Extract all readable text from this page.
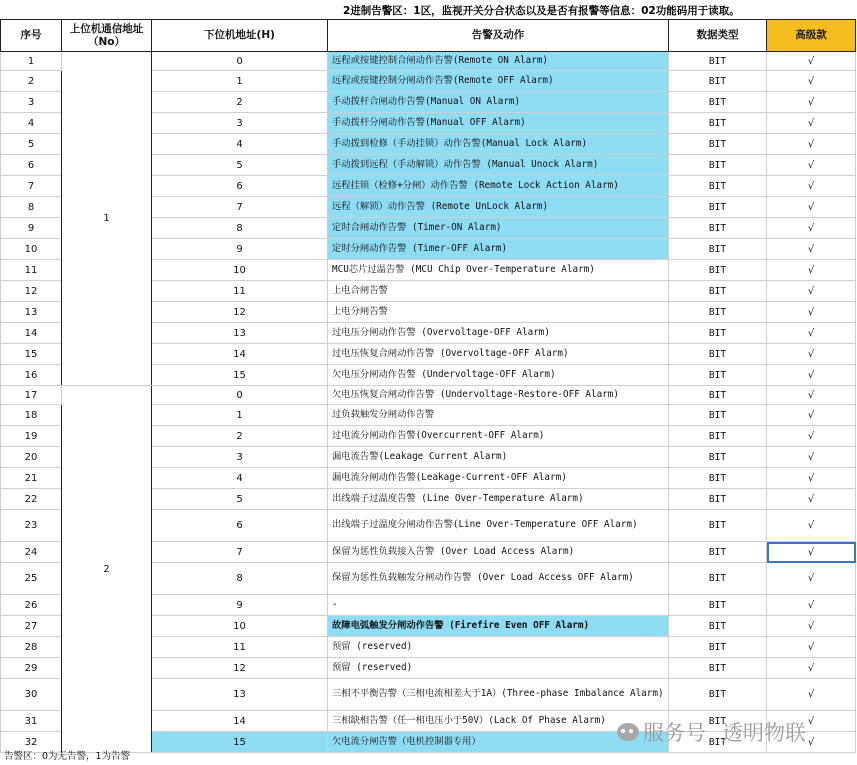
2进制告警区：1区，监视开关分合状态以及是否有报警等信息：02功能码用于读取。
序号	上位机通信地址（No）	下位机地址(H)	告警及动作	数据类型	高级款
1	1	0	远程或按键控制合闸动作告警(Remote ON Alarm)	BIT	√
2		1	远程或按键控制分闸动作告警(Remote OFF Alarm)	BIT	√
3		2	手动拨杆合闸动作告警(Manual ON Alarm)	BIT	√
4		3	手动拨杆分闸动作告警(Manual OFF Alarm)	BIT	√
5		4	手动拨到检修（手动挂锁）动作告警(Manual Lock Alarm)	BIT	√
6		5	手动拨到远程（手动解锁）动作告警 (Manual Unock Alarm)	BIT	√
7		6	远程挂锁（检修+分闸）动作告警 (Remote Lock Action Alarm)	BIT	√
8		7	远程（解锁）动作告警 (Remote UnLock Alarm)	BIT	√
9		8	定时合闸动作告警 (Timer-ON Alarm)	BIT	√
10		9	定时分闸动作告警 (Timer-OFF Alarm)	BIT	√
11		10	MCU芯片过温告警 (MCU Chip Over-Temperature Alarm)	BIT	√
12		11	上电合闸告警	BIT	√
13		12	上电分闸告警	BIT	√
14		13	过电压分闸动作告警 (Overvoltage-OFF Alarm)	BIT	√
15		14	过电压恢复合闸动作告警 (Overvoltage-OFF Alarm)	BIT	√
16		15	欠电压分闸动作告警 (Undervoltage-OFF Alarm)	BIT	√
17	2	0	欠电压恢复合闸动作告警 (Undervoltage-Restore-OFF Alarm)	BIT	√
18		1	过负载触发分闸动作告警	BIT	√
19		2	过电流分闸动作告警(Overcurrent-OFF Alarm)	BIT	√
20		3	漏电流告警(Leakage Current Alarm)	BIT	√
21		4	漏电流分闸动作告警(Leakage-Current-OFF Alarm)	BIT	√
22		5	出线端子过温度告警 (Line Over-Temperature Alarm)	BIT	√
23		6	出线端子过温度分闸动作告警(Line Over-Temperature OFF Alarm)	BIT	√
24		7	保留为惩性负载接入告警 (Over Load Access Alarm)	BIT	√
25		8	保留为惩性负载触发分闸动作告警 (Over Load Access OFF Alarm)	BIT	√
26		9	-	BIT	√
27		10	故障电弧触发分闸动作告警 (Firefire Even OFF Alarm)	BIT	√
28		11	预留 (reserved)	BIT	√
29		12	预留 (reserved)	BIT	√
30		13	三相不平衡告警（三相电流相差大于1A）(Three-phase Imbalance Alarm)	BIT	√
31		14	三相缺相告警（任一相电压小于50V）(Lack Of Phase Alarm)	BIT	√
32		15	欠电流分闸告警（电机控制器专用）	BIT	√
告警区：0为无告警，1为告警
服务号 透明物联
